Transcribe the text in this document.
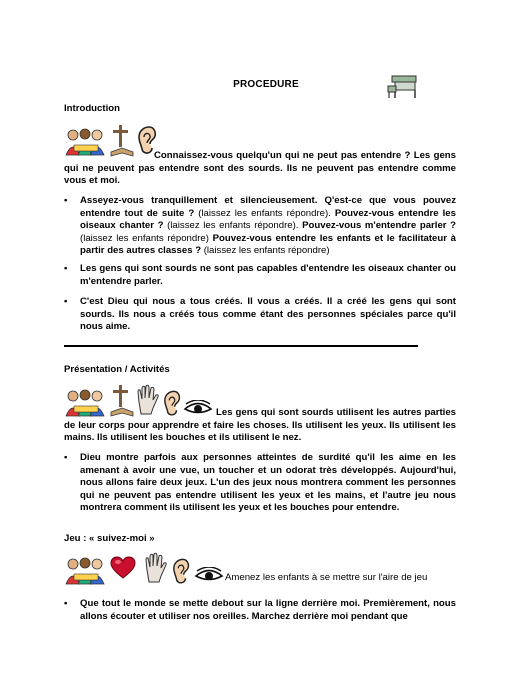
PROCEDURE
Introduction
Connaissez-vous quelqu'un qui ne peut pas entendre ? Les gens qui ne peuvent pas entendre sont des sourds. Ils ne peuvent pas entendre comme vous et moi.
•	Asseyez-vous tranquillement et silencieusement. Q'est-ce que vous pouvez entendre tout de suite ? (laissez les enfants répondre). Pouvez-vous entendre les oiseaux chanter ? (laissez les enfants répondre). Pouvez-vous m'entendre parler ? (laissez les enfants répondre) Pouvez-vous entendre les enfants et le facilitateur à partir des autres classes ? (laissez les enfants répondre)
•	Les gens qui sont sourds ne sont pas capables d'entendre les oiseaux chanter ou m'entendre parler.
•	C'est Dieu qui nous a tous créés. Il vous a créés. Il a créé les gens qui sont sourds. Ils nous a créés tous comme étant des personnes spéciales parce qu'il nous aime.
Présentation / Activités
Les gens qui sont sourds utilisent les autres parties de leur corps pour apprendre et faire les choses. Ils utilisent les yeux. Ils utilisent les mains. Ils utilisent les bouches et ils utilisent le nez.
•	Dieu montre parfois aux personnes atteintes de surdité qu'il les aime en les amenant à avoir une vue, un toucher et un odorat très développés. Aujourd'hui, nous allons faire deux jeux. L'un des jeux nous montrera comment les personnes qui ne peuvent pas entendre utilisent les yeux et les mains, et l'autre jeu nous montrera comment ils utilisent les yeux et les bouches pour entendre.
Jeu : « suivez-moi »
Amenez les enfants à se mettre sur l'aire de jeu
•	Que tout le monde se mette debout sur la ligne derrière moi. Premièrement, nous allons écouter et utiliser nos oreilles. Marchez derrière moi pendant que
